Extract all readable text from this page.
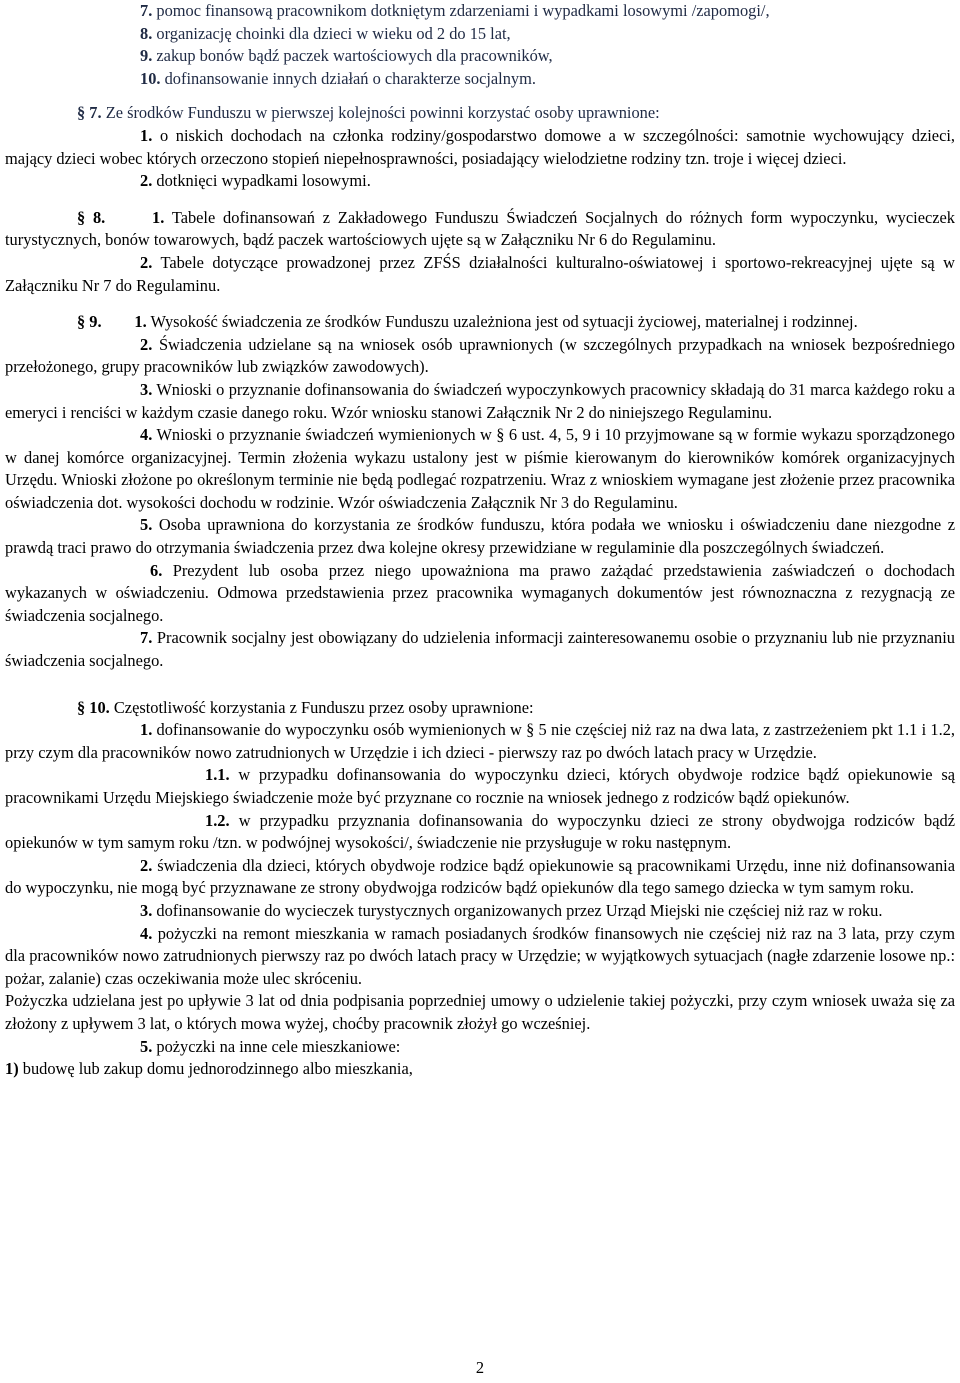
7. pomoc finansową pracownikom dotkniętym zdarzeniami i wypadkami losowymi /zapomogi/,

8. organizację choinki dla dzieci w wieku od 2 do 15 lat,

9. zakup bonów bądź paczek wartościowych dla pracowników,

10. dofinansowanie innych działań o charakterze socjalnym.

§ 7. Ze środków Funduszu w pierwszej kolejności powinni korzystać osoby uprawnione:

1. o niskich dochodach na członka rodziny/gospodarstwo domowe a w szczególności: samotnie wychowujący dzieci, mający dzieci wobec których orzeczono stopień niepełnosprawności, posiadający wielodzietne rodziny tzn. troje i więcej dzieci.

2. dotknięci wypadkami losowymi.

§ 8.	1. Tabele dofinansowań z Zakładowego Funduszu Świadczeń Socjalnych do różnych form wypoczynku, wycieczek turystycznych, bonów towarowych, bądź paczek wartościowych ujęte są w Załączniku Nr 6 do Regulaminu.

2. Tabele dotyczące prowadzonej przez ZFŚS działalności kulturalno-oświatowej i sportowo-rekreacyjnej ujęte są w Załączniku Nr 7 do Regulaminu.

§ 9. 1. Wysokość świadczenia ze środków Funduszu uzależniona jest od sytuacji życiowej, materialnej i rodzinnej.

2. Świadczenia udzielane są na wniosek osób uprawnionych (w szczególnych przypadkach na wniosek bezpośredniego przełożonego, grupy pracowników lub związków zawodowych).

3. Wnioski o przyznanie dofinansowania do świadczeń wypoczynkowych pracownicy składają do 31 marca każdego roku a emeryci i renciści w każdym czasie danego roku. Wzór wniosku stanowi Załącznik Nr 2 do niniejszego Regulaminu.

4. Wnioski o przyznanie świadczeń wymienionych w § 6 ust. 4, 5, 9 i 10 przyjmowane są w formie wykazu sporządzonego w danej komórce organizacyjnej. Termin złożenia wykazu ustalony jest w piśmie kierowanym do kierowników komórek organizacyjnych Urzędu. Wnioski złożone po określonym terminie nie będą podlegać rozpatrzeniu. Wraz z wnioskiem wymagane jest złożenie przez pracownika oświadczenia dot. wysokości dochodu w rodzinie. Wzór oświadczenia Załącznik Nr 3 do Regulaminu.

5. Osoba uprawniona do korzystania ze środków funduszu, która podała we wniosku i oświadczeniu dane niezgodne z prawdą traci prawo do otrzymania świadczenia przez dwa kolejne okresy przewidziane w regulaminie dla poszczególnych świadczeń.

6. Prezydent lub osoba przez niego upoważniona ma prawo zażądać przedstawienia zaświadczeń o dochodach wykazanych w oświadczeniu. Odmowa przedstawienia przez pracownika wymaganych dokumentów jest równoznaczna z rezygnacją ze świadczenia socjalnego.

7. Pracownik socjalny jest obowiązany do udzielenia informacji zainteresowanemu osobie o przyznaniu lub nie przyznaniu świadczenia socjalnego.

§ 10. Częstotliwość korzystania z Funduszu przez osoby uprawnione:

1. dofinansowanie do wypoczynku osób wymienionych w § 5 nie częściej niż raz na dwa lata, z zastrzeżeniem pkt 1.1 i 1.2, przy czym dla pracowników nowo zatrudnionych w Urzędzie i ich dzieci - pierwszy raz po dwóch latach pracy w Urzędzie.

1.1. w przypadku dofinansowania do wypoczynku dzieci, których obydwoje rodzice bądź opiekunowie są pracownikami Urzędu Miejskiego świadczenie może być przyznane co rocznie na wniosek jednego z rodziców bądź opiekunów.

1.2. w przypadku przyznania dofinansowania do wypoczynku dzieci ze strony obydwojga rodziców bądź opiekunów w tym samym roku /tzn. w podwójnej wysokości/, świadczenie nie przysługuje w roku następnym.

2. świadczenia dla dzieci, których obydwoje rodzice bądź opiekunowie są pracownikami Urzędu, inne niż dofinansowania do wypoczynku, nie mogą być przyznawane ze strony obydwojga rodziców bądź opiekunów dla tego samego dziecka w tym samym roku.

3. dofinansowanie do wycieczek turystycznych organizowanych przez Urząd Miejski nie częściej niż raz w roku.

4. pożyczki na remont mieszkania w ramach posiadanych środków finansowych nie częściej niż raz na 3 lata, przy czym dla pracowników nowo zatrudnionych pierwszy raz po dwóch latach pracy w Urzędzie; w wyjątkowych sytuacjach (nagłe zdarzenie losowe np.: pożar, zalanie) czas oczekiwania może ulec skróceniu.

Pożyczka udzielana jest po upływie 3 lat od dnia podpisania poprzedniej umowy o udzielenie takiej pożyczki, przy czym wniosek uważa się za złożony z upływem 3 lat, o których mowa wyżej, choćby pracownik złożył go wcześniej.

5. pożyczki na inne cele mieszkaniowe:

1) budowę lub zakup domu jednorodzinnego albo mieszkania,

2
